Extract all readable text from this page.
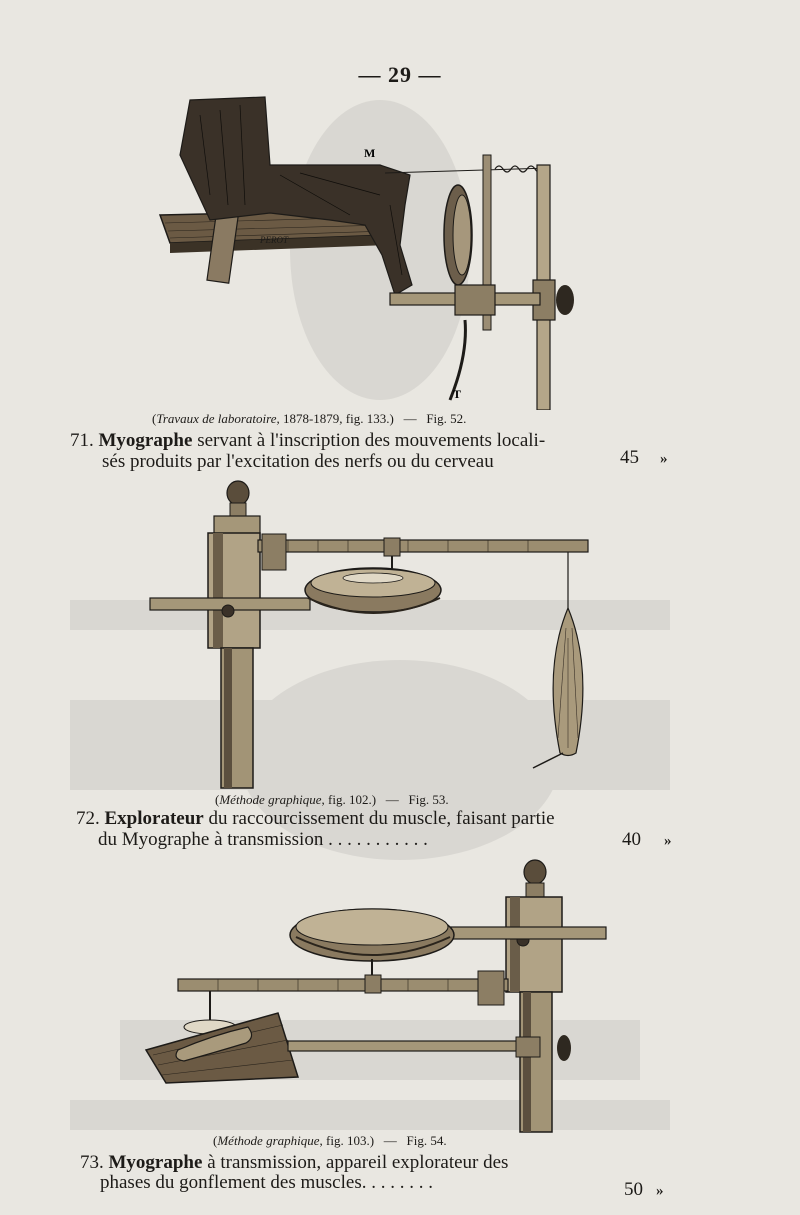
— 29 —
M
T
PEROT
(Travaux de laboratoire, 1878-1879, fig. 133.) — Fig. 52.
71. Myographe servant à l'inscription des mouvements locali-
sés produits par l'excitation des nerfs ou du cerveau	45 »
(Méthode graphique, fig. 102.) — Fig. 53.
72. Explorateur du raccourcissement du muscle, faisant partie
du Myographe à transmission . . . . . . . . . . .	40 »
(Méthode graphique, fig. 103.) — Fig. 54.
73. Myographe à transmission, appareil explorateur des
phases du gonflement des muscles. . . . . . . .	50 »
